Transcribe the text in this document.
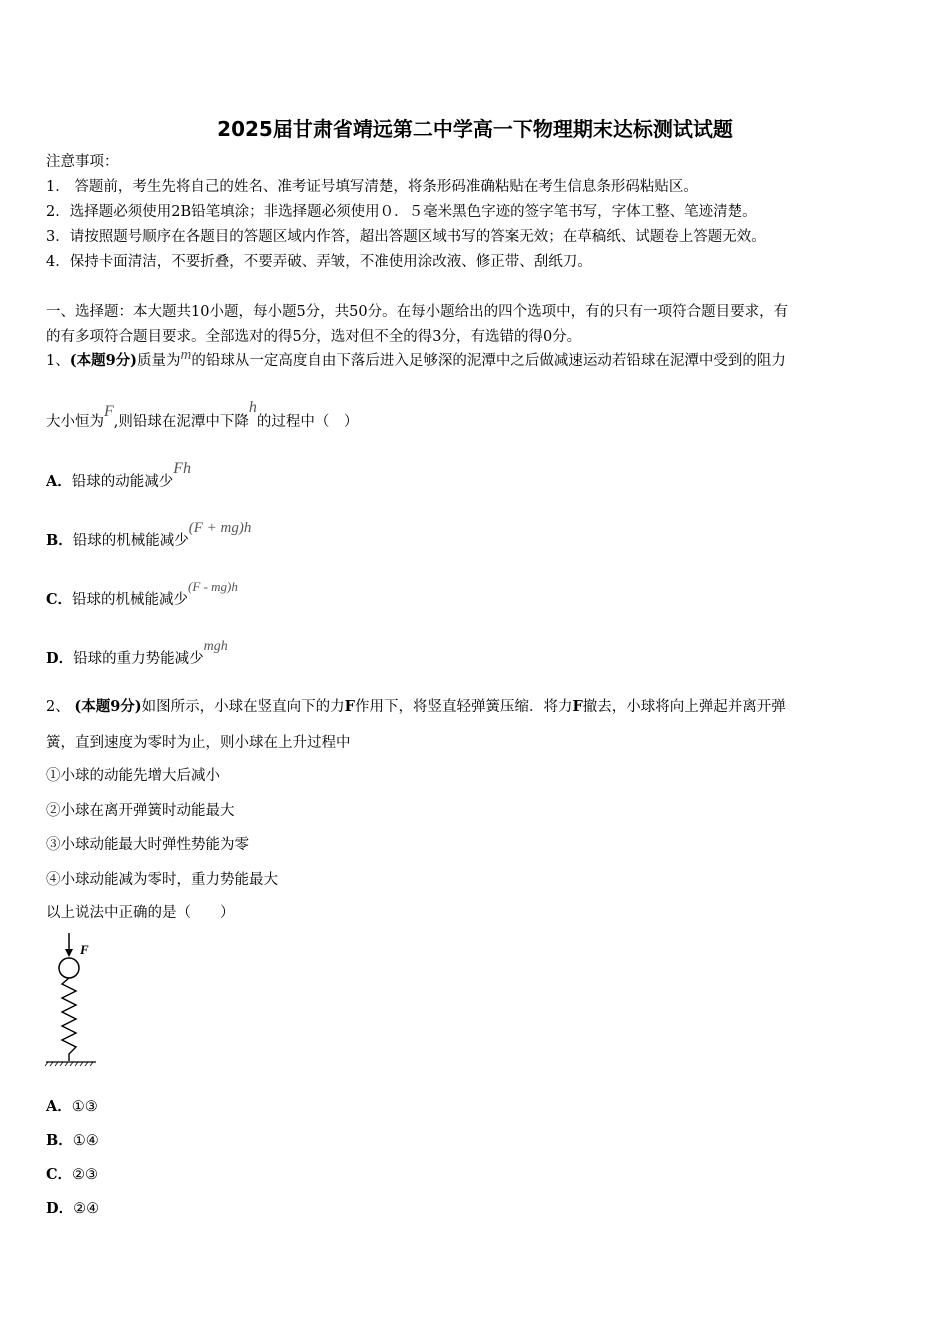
2025届甘肃省靖远第二中学高一下物理期末达标测试试题
注意事项：
1． 答题前，考生先将自己的姓名、准考证号填写清楚，将条形码准确粘贴在考生信息条形码粘贴区。
2．选择题必须使用2B铅笔填涂；非选择题必须使用０．５毫米黑色字迹的签字笔书写，字体工整、笔迹清楚。
3．请按照题号顺序在各题目的答题区域内作答，超出答题区域书写的答案无效；在草稿纸、试题卷上答题无效。
4．保持卡面清洁，不要折叠，不要弄破、弄皱，不准使用涂改液、修正带、刮纸刀。
一、选择题：本大题共10小题，每小题5分，共50分。在每小题给出的四个选项中，有的只有一项符合题目要求，有
的有多项符合题目要求。全部选对的得5分，选对但不全的得3分，有选错的得0分。
1、(本题9分)质量为m的铅球从一定高度自由下落后进入足够深的泥潭中之后做减速运动若铅球在泥潭中受到的阻力
大小恒为F,则铅球在泥潭中下降h的过程中（　）
A．铅球的动能减少Fh
B．铅球的机械能减少(F + mg)h
C．铅球的机械能减少(F - mg)h
D．铅球的重力势能减少mgh
2、 (本题9分)如图所示，小球在竖直向下的力F作用下，将竖直轻弹簧压缩．将力F撤去，小球将向上弹起并离开弹
簧，直到速度为零时为止，则小球在上升过程中
①小球的动能先增大后减小
②小球在离开弹簧时动能最大
③小球动能最大时弹性势能为零
④小球动能减为零时，重力势能最大
以上说法中正确的是（　　）
F
A．①③
B．①④
C．②③
D．②④
